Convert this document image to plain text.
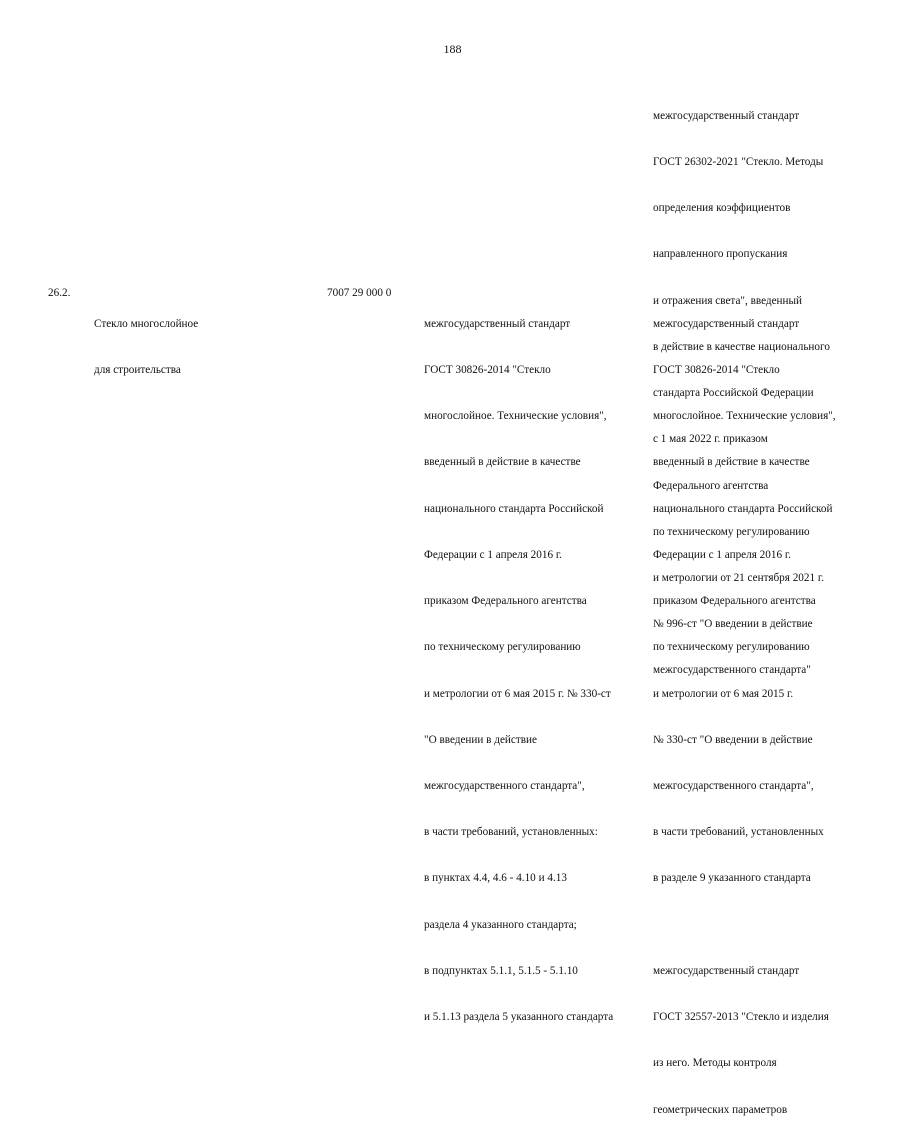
188

межгосударственный стандарт

ГОСТ 26302-2021 "Стекло. Методы

определения коэффициентов

направленного пропускания

и отражения света", введенный

в действие в качестве национального

стандарта Российской Федерации

с 1 мая 2022 г. приказом

Федерального агентства

по техническому регулированию

и метрологии от 21 сентября 2021 г.

№ 996-ст "О введении в действие

межгосударственного стандарта"

26.2.

Стекло многослойное

для строительства

7007 29 000 0

межгосударственный стандарт

ГОСТ 30826-2014 "Стекло

многослойное. Технические условия",

введенный в действие в качестве

национального стандарта Российской

Федерации с 1 апреля 2016 г.

приказом Федерального агентства

по техническому регулированию

и метрологии от 6 мая 2015 г. № 330-ст

"О введении в действие

межгосударственного стандарта",

в части требований, установленных:

в пунктах 4.4, 4.6 - 4.10 и 4.13

раздела 4 указанного стандарта;

в подпунктах 5.1.1, 5.1.5 - 5.1.10

и 5.1.13 раздела 5 указанного стандарта

межгосударственный стандарт

ГОСТ 30826-2014 "Стекло

многослойное. Технические условия",

введенный в действие в качестве

национального стандарта Российской

Федерации с 1 апреля 2016 г.

приказом Федерального агентства

по техническому регулированию

и метрологии от 6 мая 2015 г.

№ 330-ст "О введении в действие

межгосударственного стандарта",

в части требований, установленных

в разделе 9 указанного стандарта

межгосударственный стандарт

ГОСТ 32557-2013 "Стекло и изделия

из него. Методы контроля

геометрических параметров
